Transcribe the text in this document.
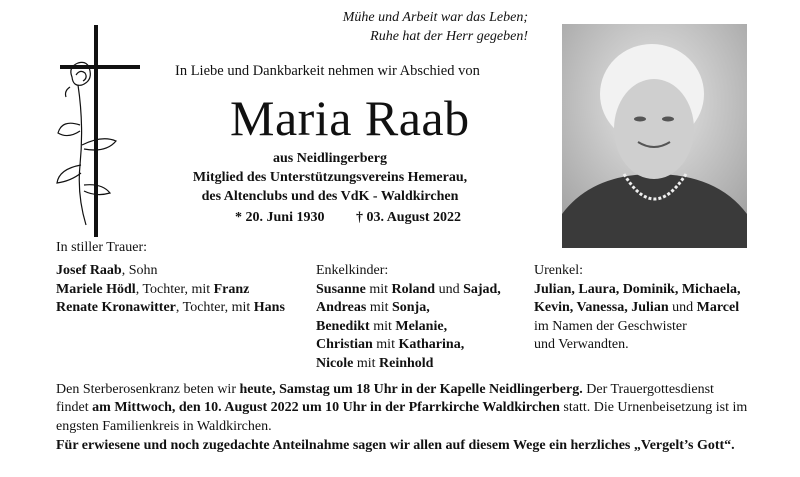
Mühe und Arbeit war das Leben;
Ruhe hat der Herr gegeben!
In Liebe und Dankbarkeit nehmen wir Abschied von
Maria Raab
aus Neidlingerberg
Mitglied des Unterstützungsvereins Hemerau,
des Altenclubs und des VdK - Waldkirchen
* 20. Juni 1930 † 03. August 2022
In stiller Trauer:
Josef Raab, Sohn
Mariele Hödl, Tochter, mit Franz
Renate Kronawitter, Tochter, mit Hans
Enkelkinder:
Susanne mit Roland und Sajad,
Andreas mit Sonja,
Benedikt mit Melanie,
Christian mit Katharina,
Nicole mit Reinhold
Urenkel:
Julian, Laura, Dominik, Michaela,
Kevin, Vanessa, Julian und Marcel
im Namen der Geschwister
und Verwandten.
Den Sterberosenkranz beten wir heute, Samstag um 18 Uhr in der Kapelle Neidlingerberg. Der Trauergottesdienst
findet am Mittwoch, den 10. August 2022 um 10 Uhr in der Pfarrkirche Waldkirchen statt. Die Urnenbeisetzung ist im
engsten Familienkreis in Waldkirchen.
Für erwiesene und noch zugedachte Anteilnahme sagen wir allen auf diesem Wege ein herzliches „Vergelt’s Gott“.
